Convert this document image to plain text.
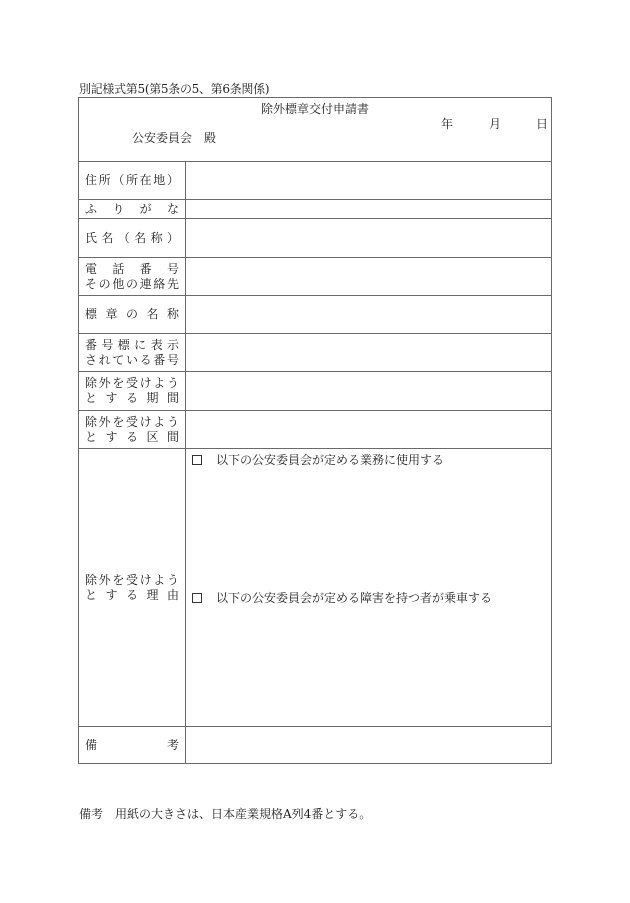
別記様式第5(第5条の5、第6条関係)
除外標章交付申請書
年	月	日
公安委員会　殿
住 所 （ 所 在 地 ）
ふ り が な
氏 名 （ 名 称 ）
電 話 番 号
そ の 他 の 連 絡 先
標 章 の 名 称
番 号 標 に 表 示
さ れ て い る 番 号
除 外 を 受 け よ う
と す る 期 間
除 外 を 受 け よ う
と す る 区 間
除 外 を 受 け よ う
と す る 理 由
以下の公安委員会が定める業務に使用する
以下の公安委員会が定める障害を持つ者が乗車する
備	考
備考　用紙の大きさは、日本産業規格A列4番とする。
